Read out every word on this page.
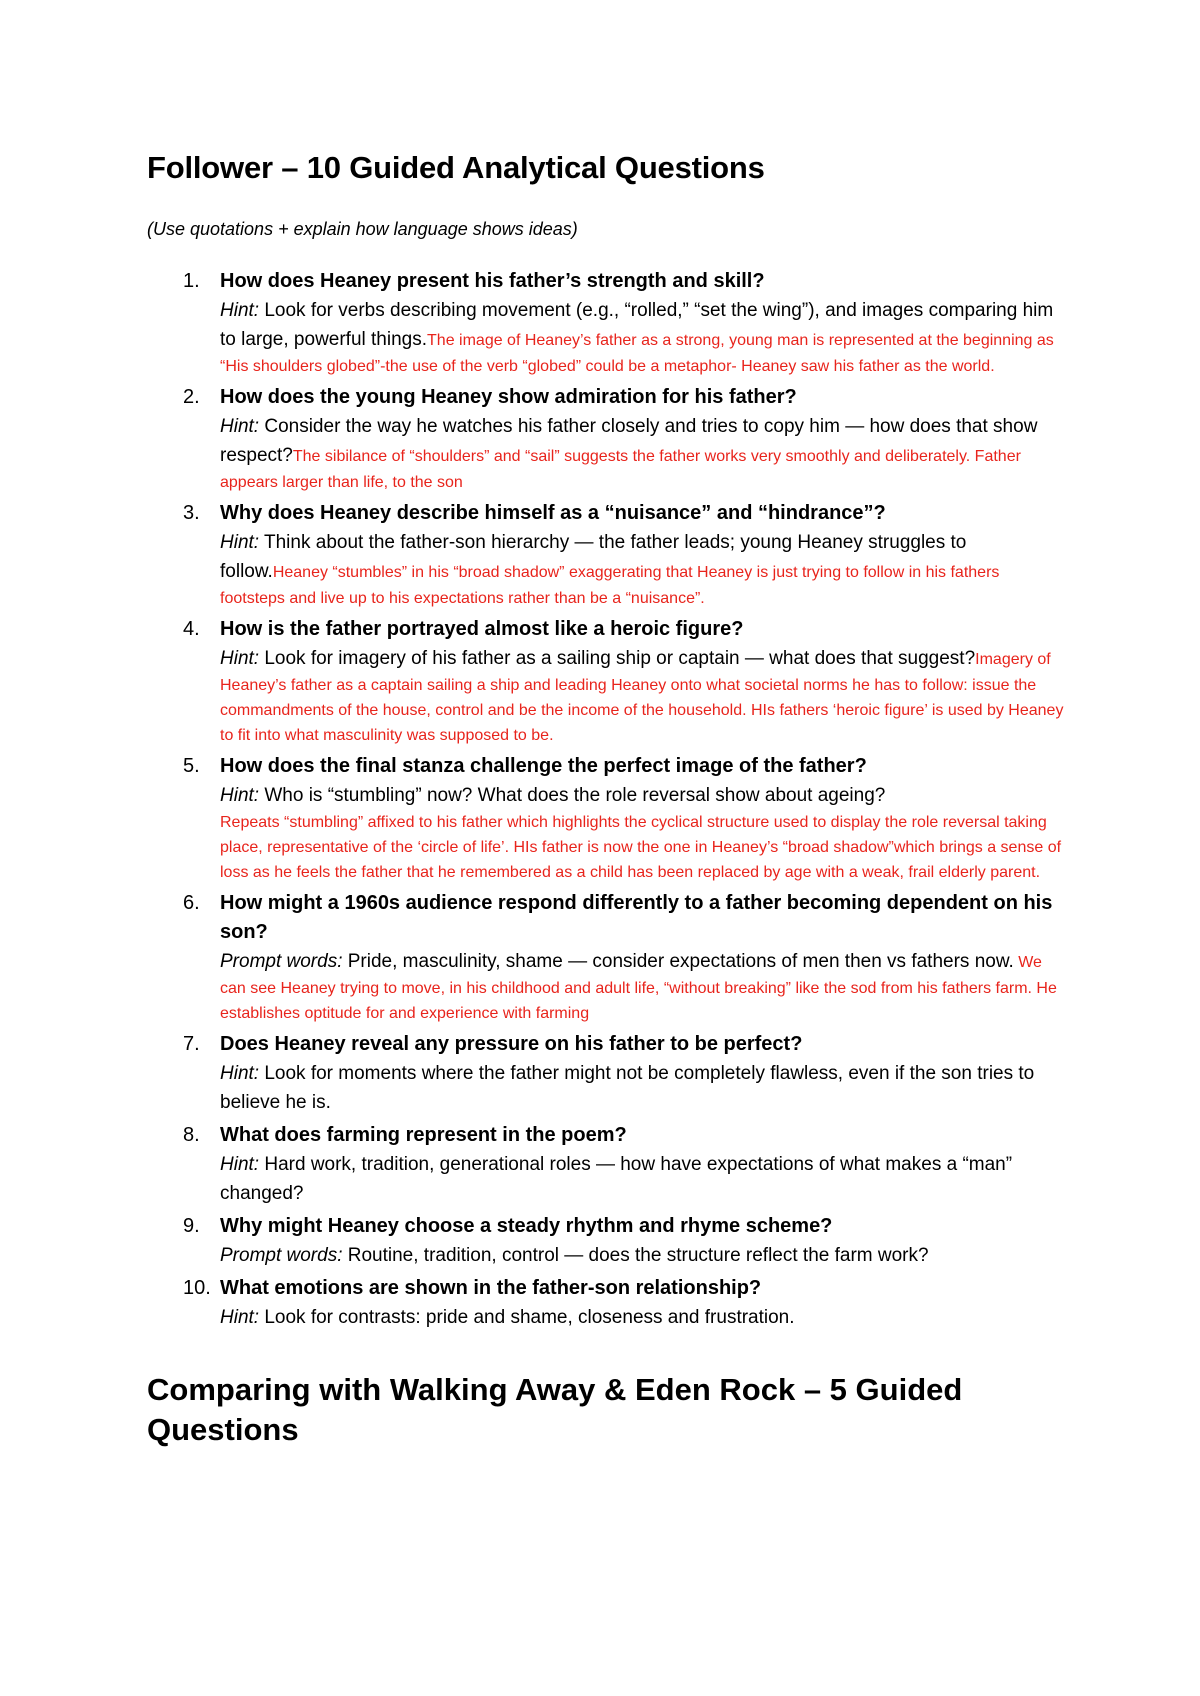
Follower – 10 Guided Analytical Questions

(Use quotations + explain how language shows ideas)

1. How does Heaney present his father’s strength and skill?
Hint: Look for verbs describing movement (e.g., “rolled,” “set the wing”), and images comparing him to large, powerful things.The image of Heaney’s father as a strong, young man is represented at the beginning as “His shoulders globed”-the use of the verb “globed” could be a metaphor- Heaney saw his father as the world.
2. How does the young Heaney show admiration for his father?
Hint: Consider the way he watches his father closely and tries to copy him — how does that show respect?The sibilance of “shoulders” and “sail” suggests the father works very smoothly and deliberately. Father appears larger than life, to the son
3. Why does Heaney describe himself as a “nuisance” and “hindrance”?
Hint: Think about the father-son hierarchy — the father leads; young Heaney struggles to follow.Heaney “stumbles” in his “broad shadow” exaggerating that Heaney is just trying to follow in his fathers footsteps and live up to his expectations rather than be a “nuisance”.
4. How is the father portrayed almost like a heroic figure?
Hint: Look for imagery of his father as a sailing ship or captain — what does that suggest?Imagery of Heaney’s father as a captain sailing a ship and leading Heaney onto what societal norms he has to follow: issue the commandments of the house, control and be the income of the household. HIs fathers ‘heroic figure’ is used by Heaney to fit into what masculinity was supposed to be.
5. How does the final stanza challenge the perfect image of the father?
Hint: Who is “stumbling” now? What does the role reversal show about ageing?
Repeats “stumbling” affixed to his father which highlights the cyclical structure used to display the role reversal taking place, representative of the ‘circle of life’. HIs father is now the one in Heaney’s “broad shadow”which brings a sense of loss as he feels the father that he remembered as a child has been replaced by age with a weak, frail elderly parent.
6. How might a 1960s audience respond differently to a father becoming dependent on his son?
Prompt words: Pride, masculinity, shame — consider expectations of men then vs fathers now. We can see Heaney trying to move, in his childhood and adult life, “without breaking” like the sod from his fathers farm. He establishes optitude for and experience with farming
7. Does Heaney reveal any pressure on his father to be perfect?
Hint: Look for moments where the father might not be completely flawless, even if the son tries to believe he is.
8. What does farming represent in the poem?
Hint: Hard work, tradition, generational roles — how have expectations of what makes a “man” changed?
9. Why might Heaney choose a steady rhythm and rhyme scheme?
Prompt words: Routine, tradition, control — does the structure reflect the farm work?
10. What emotions are shown in the father-son relationship?
Hint: Look for contrasts: pride and shame, closeness and frustration.
Comparing with Walking Away & Eden Rock – 5 Guided Questions
